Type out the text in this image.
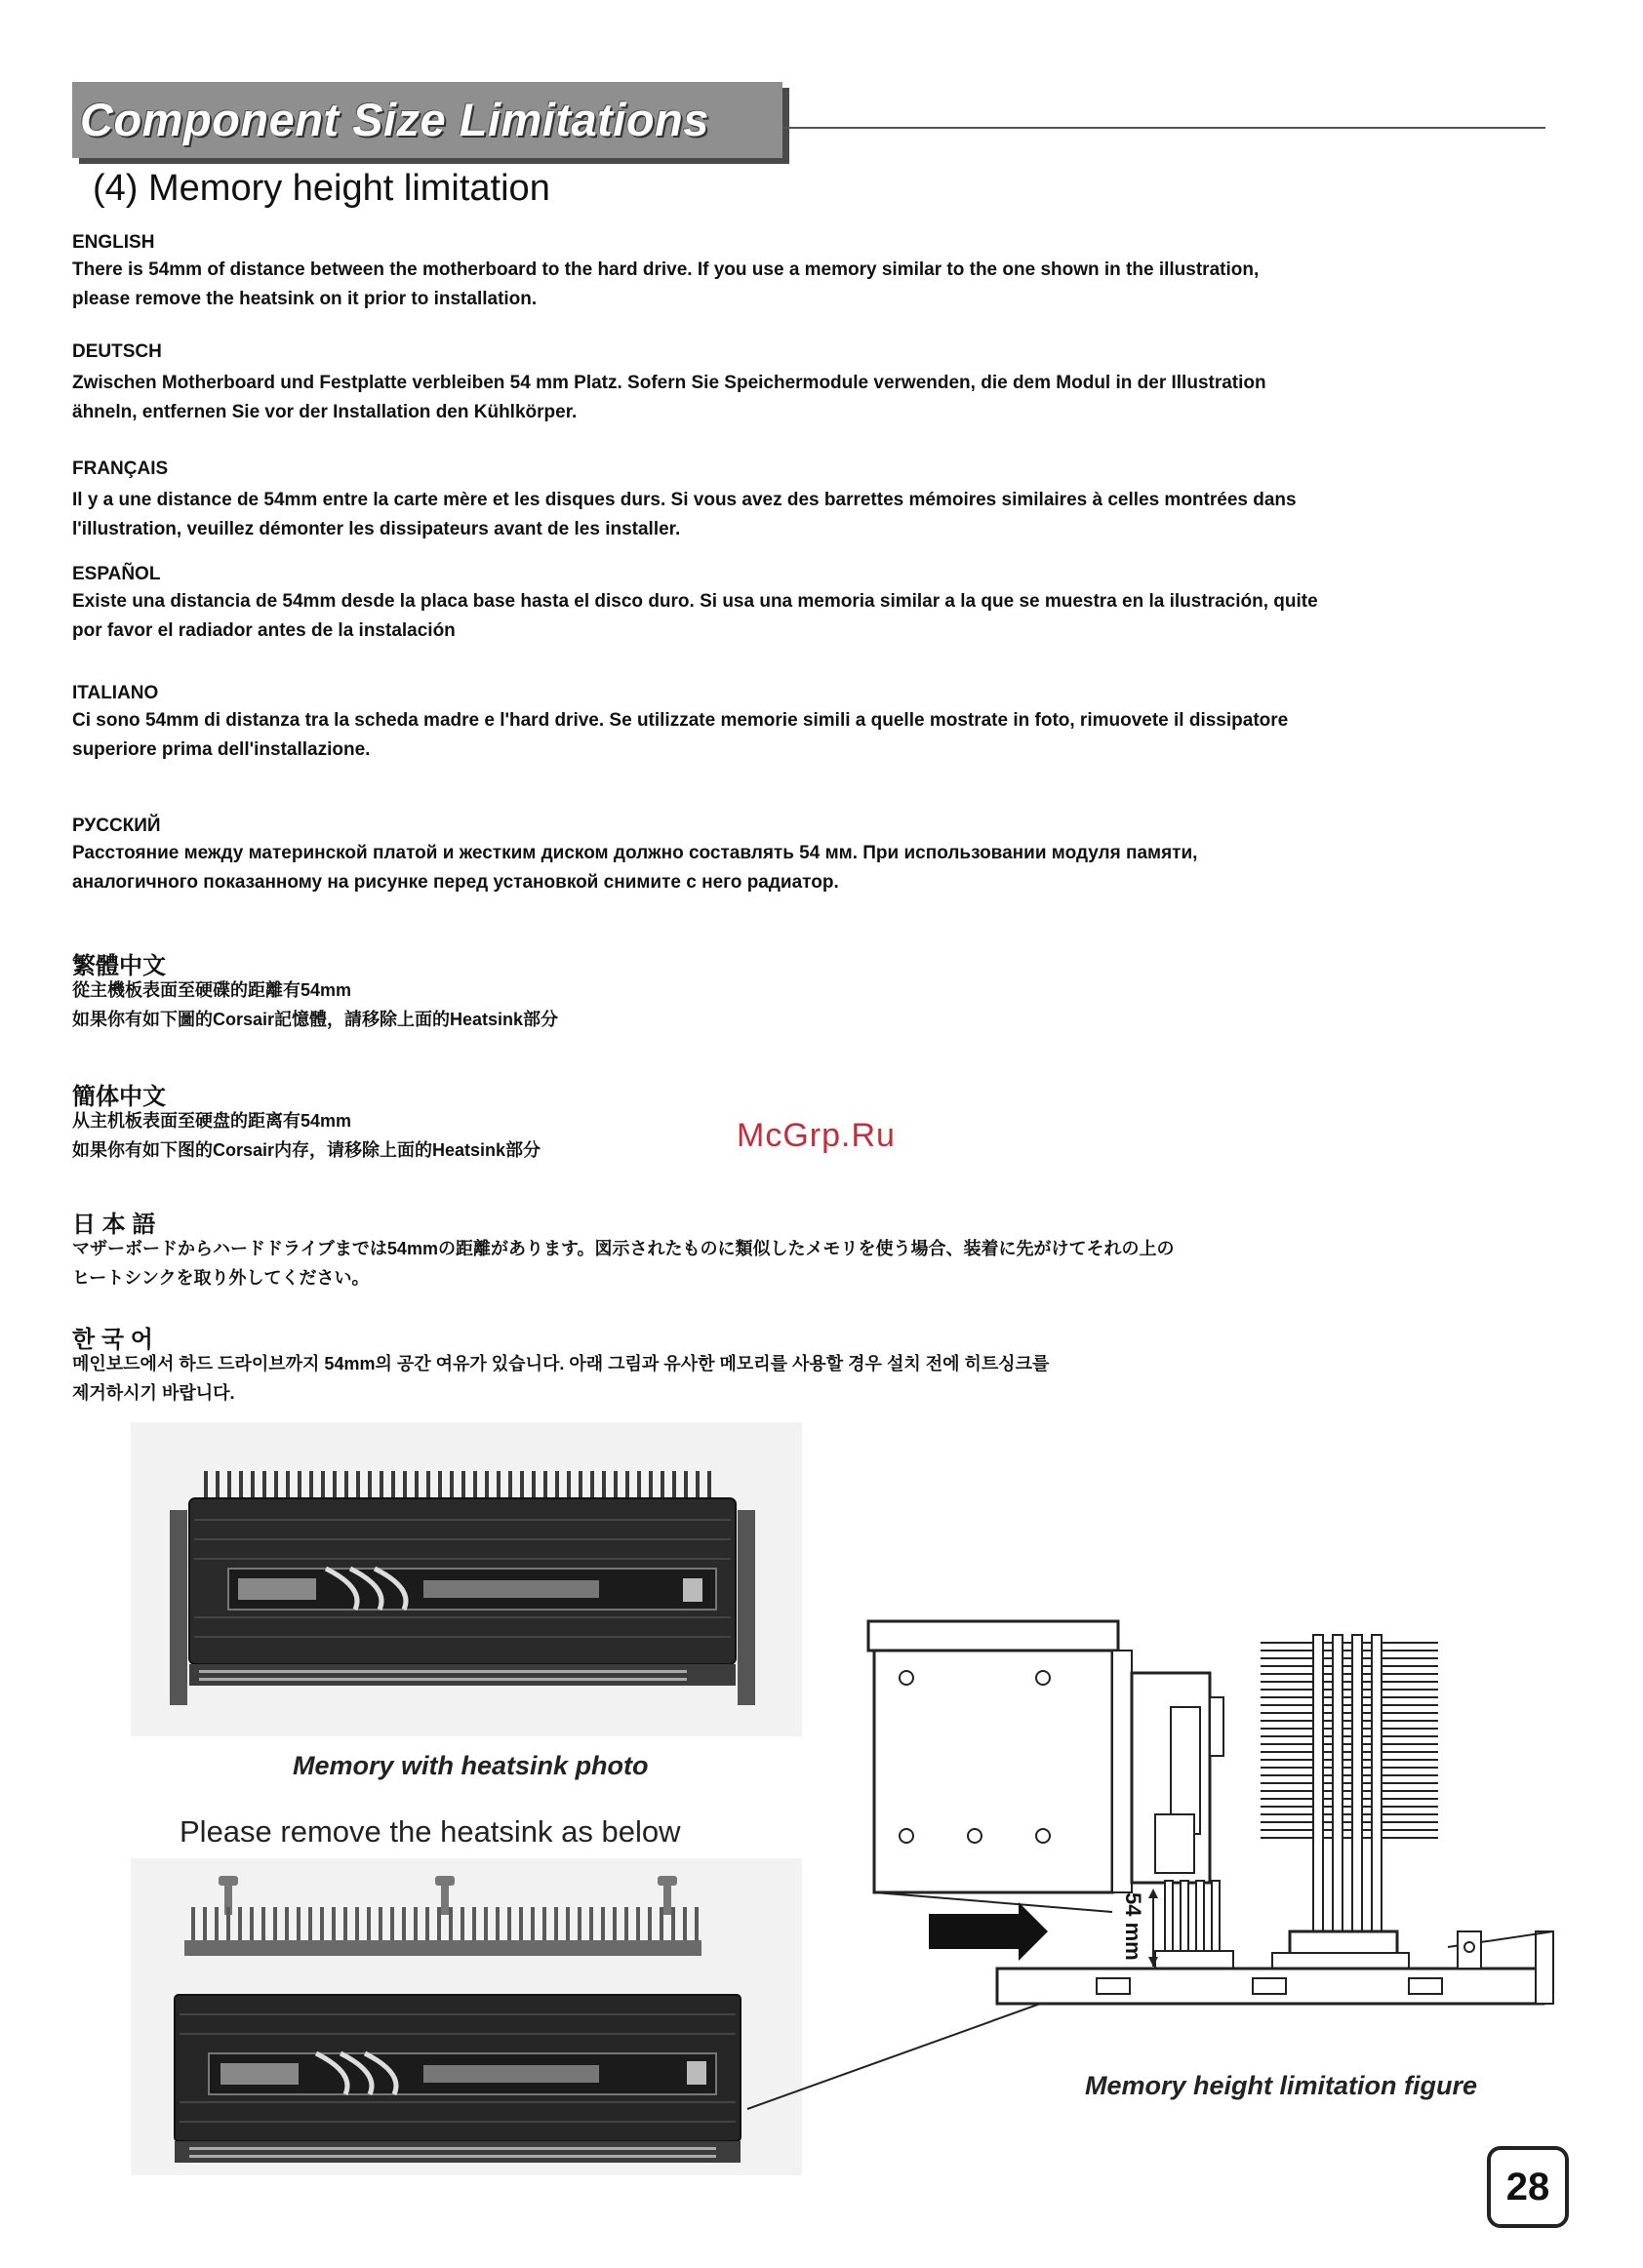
Component Size Limitations
(4) Memory height limitation
ENGLISH
There is 54mm of distance between the motherboard to the hard drive. If you use a memory similar to the one shown in the illustration,
please remove the heatsink on it prior to installation.
DEUTSCH
Zwischen Motherboard und Festplatte verbleiben 54 mm Platz. Sofern Sie Speichermodule verwenden, die dem Modul in der Illustration
ähneln, entfernen Sie vor der Installation den Kühlkörper.
FRANÇAIS
Il y a une distance de 54mm entre la carte mère et les disques durs. Si vous avez des barrettes mémoires similaires à celles montrées dans
l'illustration, veuillez démonter les dissipateurs avant de les installer.
ESPAÑOL
Existe una distancia de 54mm desde la placa base hasta el disco duro. Si usa una memoria similar a la que se muestra en la ilustración, quite
por favor el radiador antes de la instalación
ITALIANO
Ci sono 54mm di distanza tra la scheda madre e l'hard drive. Se utilizzate memorie simili a quelle mostrate in foto, rimuovete il dissipatore
superiore prima dell'installazione.
РУССКИЙ
Расстояние между материнской платой и жестким диском должно составлять 54 мм. При использовании модуля памяти,
аналогичного показанному на рисунке перед установкой снимите с него радиатор.
繁體中文
從主機板表面至硬碟的距離有54mm
如果你有如下圖的Corsair記憶體，請移除上面的Heatsink部分
簡体中文
从主机板表面至硬盘的距离有54mm
如果你有如下图的Corsair内存，请移除上面的Heatsink部分	McGrp.Ru
日 本 語
マザーボードからハードドライブまでは54mmの距離があります。図示されたものに類似したメモリを使う場合、装着に先がけてそれの上の
ヒートシンクを取り外してください。
한 국 어
메인보드에서 하드 드라이브까지 54mm의 공간 여유가 있습니다. 아래 그림과 유사한 메모리를 사용할 경우 설치 전에 히트싱크를
제거하시기 바랍니다.
Memory with heatsink photo
Please remove the heatsink as below
54 mm
Memory height limitation figure
28
